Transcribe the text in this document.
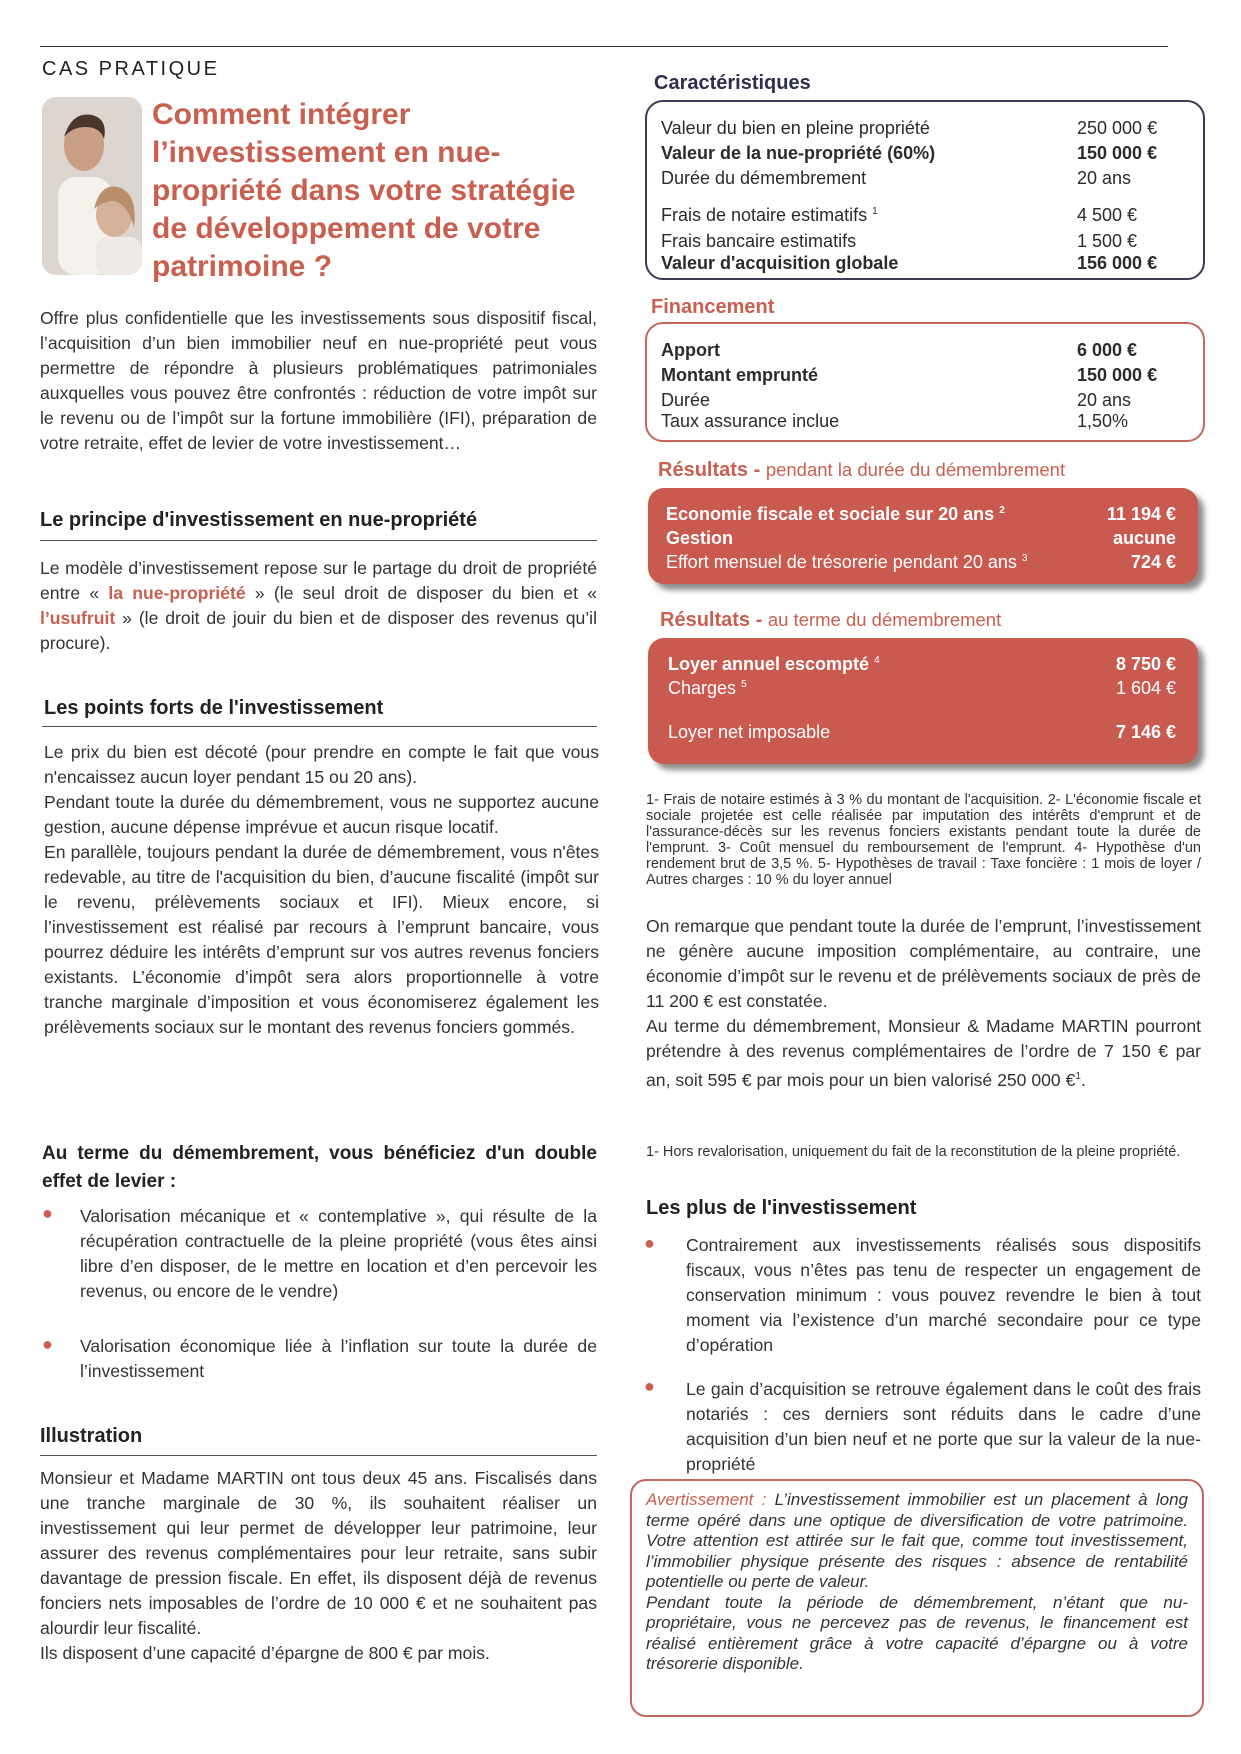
CAS PRATIQUE
Comment intégrer l’investissement en nue-propriété dans votre stratégie de développement de votre patrimoine ?
Offre plus confidentielle que les investissements sous dispositif fiscal, l’acquisition d’un bien immobilier neuf en nue-propriété peut vous permettre de répondre à plusieurs problématiques patrimoniales auxquelles vous pouvez être confrontés : réduction de votre impôt sur le revenu ou de l’impôt sur la fortune immobilière (IFI), préparation de votre retraite, effet de levier de votre investissement…
Le principe d'investissement en nue-propriété
Le modèle d’investissement repose sur le partage du droit de propriété entre « la nue-propriété » (le seul droit de disposer du bien et « l’usufruit » (le droit de jouir du bien et de disposer des revenus qu’il procure).
Les points forts de l'investissement
Le prix du bien est décoté (pour prendre en compte le fait que vous n'encaissez aucun loyer pendant 15 ou 20 ans).
Pendant toute la durée du démembrement, vous ne supportez aucune gestion, aucune dépense imprévue et aucun risque locatif.
En parallèle, toujours pendant la durée de démembrement, vous n'êtes redevable, au titre de l'acquisition du bien, d’aucune fiscalité (impôt sur le revenu, prélèvements sociaux et IFI). Mieux encore, si l’investissement est réalisé par recours à l’emprunt bancaire, vous pourrez déduire les intérêts d’emprunt sur vos autres revenus fonciers existants. L’économie d’impôt sera alors proportionnelle à votre tranche marginale d’imposition et vous économiserez également les prélèvements sociaux sur le montant des revenus fonciers gommés.
Au terme du démembrement, vous bénéficiez d'un double effet de levier :
● Valorisation mécanique et « contemplative », qui résulte de la récupération contractuelle de la pleine propriété (vous êtes ainsi libre d’en disposer, de le mettre en location et d’en percevoir les revenus, ou encore de le vendre)
● Valorisation économique liée à l’inflation sur toute la durée de l’investissement
Illustration
Monsieur et Madame MARTIN ont tous deux 45 ans. Fiscalisés dans une tranche marginale de 30 %, ils souhaitent réaliser un investissement qui leur permet de développer leur patrimoine, leur assurer des revenus complémentaires pour leur retraite, sans subir davantage de pression fiscale. En effet, ils disposent déjà de revenus fonciers nets imposables de l’ordre de 10 000 € et ne souhaitent pas alourdir leur fiscalité.
Ils disposent d’une capacité d’épargne de 800 € par mois.
Caractéristiques
Valeur du bien en pleine propriété	250 000 €
Valeur de la nue-propriété (60%)	150 000 €
Durée du démembrement	20 ans
Frais de notaire estimatifs $^1$	4 500 €
Frais bancaire estimatifs	1 500 €
Valeur d'acquisition globale	156 000 €
Financement
Apport	6 000 €
Montant emprunté	150 000 €
Durée	20 ans
Taux assurance inclue	1,50%
Résultats - pendant la durée du démembrement
Economie fiscale et sociale sur 20 ans $^2$	11 194 €
Gestion	aucune
Effort mensuel de trésorerie pendant 20 ans $^3$	724 €
Résultats - au terme du démembrement
Loyer annuel escompté $^4$	8 750 €
Charges $^5$	1 604 €
Loyer net imposable	7 146 €
1- Frais de notaire estimés à 3 % du montant de l'acquisition. 2- L'économie fiscale et sociale projetée est celle réalisée par imputation des intérêts d'emprunt et de l'assurance-décès sur les revenus fonciers existants pendant toute la durée de l'emprunt. 3- Coût mensuel du remboursement de l'emprunt. 4- Hypothèse d'un rendement brut de 3,5 %. 5- Hypothèses de travail : Taxe foncière : 1 mois de loyer / Autres charges : 10 % du loyer annuel
On remarque que pendant toute la durée de l’emprunt, l’investissement ne génère aucune imposition complémentaire, au contraire, une économie d’impôt sur le revenu et de prélèvements sociaux de près de 11 200 € est constatée.
Au terme du démembrement, Monsieur & Madame MARTIN pourront prétendre à des revenus complémentaires de l’ordre de 7 150 € par an, soit 595 € par mois pour un bien valorisé 250 000 €$^1$.
1- Hors revalorisation, uniquement du fait de la reconstitution de la pleine propriété.
Les plus de l'investissement
● Contrairement aux investissements réalisés sous dispositifs fiscaux, vous n’êtes pas tenu de respecter un engagement de conservation minimum : vous pouvez revendre le bien à tout moment via l’existence d’un marché secondaire pour ce type d’opération
● Le gain d’acquisition se retrouve également dans le coût des frais notariés : ces derniers sont réduits dans le cadre d’une acquisition d’un bien neuf et ne porte que sur la valeur de la nue-propriété
Avertissement : L’investissement immobilier est un placement à long terme opéré dans une optique de diversification de votre patrimoine. Votre attention est attirée sur le fait que, comme tout investissement, l’immobilier physique présente des risques : absence de rentabilité potentielle ou perte de valeur.
Pendant toute la période de démembrement, n’étant que nu-propriétaire, vous ne percevez pas de revenus, le financement est réalisé entièrement grâce à votre capacité d’épargne ou à votre trésorerie disponible.
